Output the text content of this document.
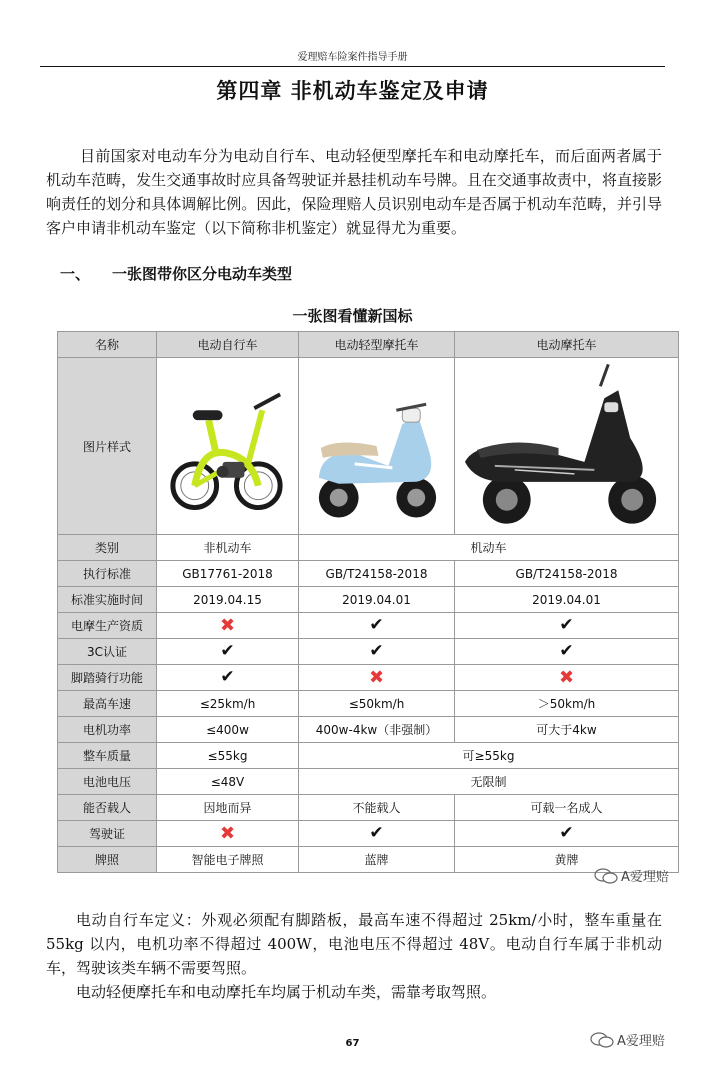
爱理赔车险案件指导手册
第四章 非机动车鉴定及申请

目前国家对电动车分为电动自行车、电动轻便型摩托车和电动摩托车，而后面两者属于机动车范畴，发生交通事故时应具备驾驶证并悬挂机动车号牌。且在交通事故责中，将直接影响责任的划分和具体调解比例。因此，保险理赔人员识别电动车是否属于机动车范畴，并引导客户申请非机动车鉴定（以下简称非机鉴定）就显得尤为重要。

一、 一张图带你区分电动车类型
一张图看懂新国标
名称	电动自行车	电动轻型摩托车	电动摩托车
图片样式	

类别	非机动车	机动车	
执行标准	GB17761-2018	GB/T24158-2018	GB/T24158-2018
标准实施时间	2019.04.15	2019.04.01	2019.04.01
电摩生产资质	✖	✔	✔
3C认证	✔	✔	✔
脚踏骑行功能	✔	✖	✖
最高车速	≤25km/h	≤50km/h	＞50km/h
电机功率	≤400w	400w-4kw（非强制）	可大于4kw
整车质量	≤55kg	可≥55kg	
电池电压	≤48V	无限制	
能否载人	因地而异	不能载人	可载一名成人
驾驶证	✖	✔	✔
牌照	智能电子牌照	蓝牌	黄牌
A爱理赔

电动自行车定义：外观必须配有脚踏板，最高车速不得超过 25km/小时，整车重量在 55kg 以内，电机功率不得超过 400W，电池电压不得超过 48V。电动自行车属于非机动车，驾驶该类车辆不需要驾照。

电动轻便摩托车和电动摩托车均属于机动车类，需靠考取驾照。

67	A爱理赔
